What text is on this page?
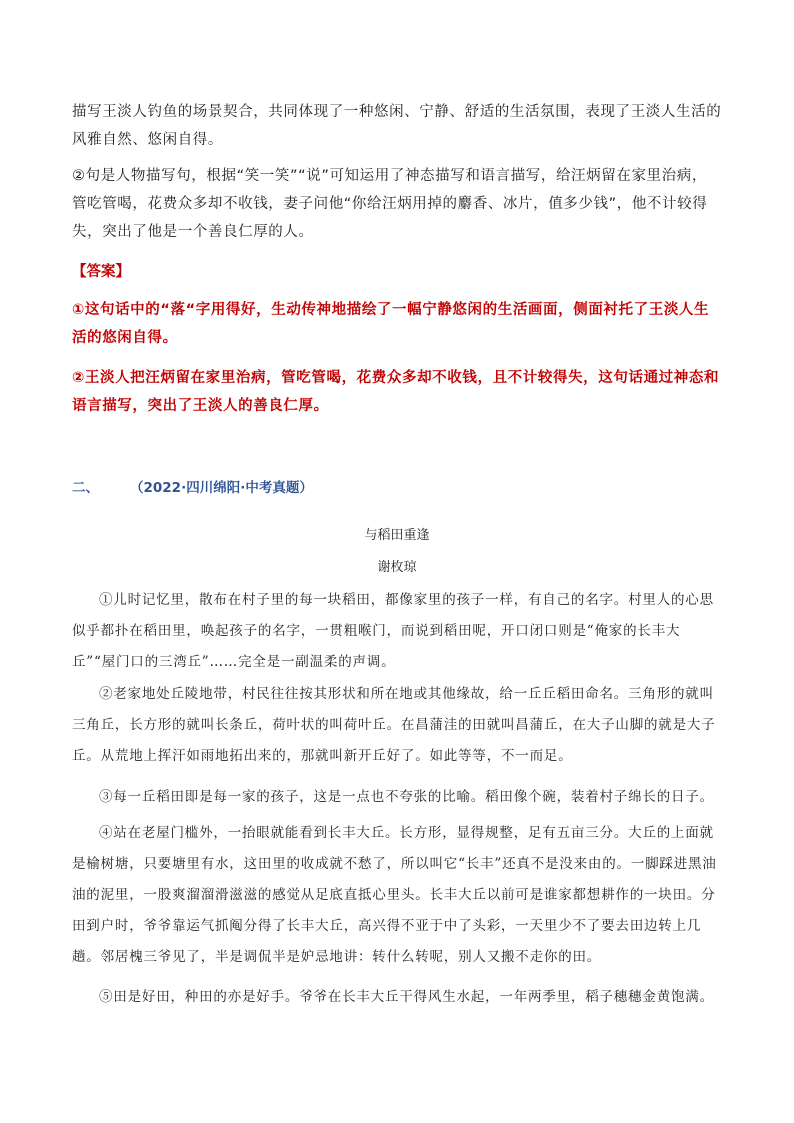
描写王淡人钓鱼的场景契合，共同体现了一种悠闲、宁静、舒适的生活氛围，表现了王淡人生活的风雅自然、悠闲自得。

②句是人物描写句，根据“笑一笑”“说”可知运用了神态描写和语言描写，给汪炳留在家里治病，管吃管喝，花费众多却不收钱，妻子问他“你给汪炳用掉的麝香、冰片，值多少钱”，他不计较得失，突出了他是一个善良仁厚的人。

【答案】

①这句话中的“落“字用得好，生动传神地描绘了一幅宁静悠闲的生活画面，侧面衬托了王淡人生活的悠闲自得。

②王淡人把汪炳留在家里治病，管吃管喝，花费众多却不收钱，且不计较得失，这句话通过神态和语言描写，突出了王淡人的善良仁厚。

二、 （2022·四川绵阳·中考真题）
与稻田重逢
谢枚琼

①儿时记忆里，散布在村子里的每一块稻田，都像家里的孩子一样，有自己的名字。村里人的心思似乎都扑在稻田里，唤起孩子的名字，一贯粗喉门，而说到稻田呢，开口闭口则是“俺家的长丰大丘”“屋门口的三湾丘”……完全是一副温柔的声调。

②老家地处丘陵地带，村民往往按其形状和所在地或其他缘故，给一丘丘稻田命名。三角形的就叫三角丘，长方形的就叫长条丘，荷叶状的叫荷叶丘。在昌蒲洼的田就叫昌蒲丘，在大子山脚的就是大子丘。从荒地上挥汗如雨地拓出来的，那就叫新开丘好了。如此等等，不一而足。

③每一丘稻田即是每一家的孩子，这是一点也不夸张的比喻。稻田像个碗，装着村子绵长的日子。

④站在老屋门槛外，一抬眼就能看到长丰大丘。长方形，显得规整，足有五亩三分。大丘的上面就是榆树塘，只要塘里有水，这田里的收成就不愁了，所以叫它“长丰”还真不是没来由的。一脚踩进黑油油的泥里，一股爽溜溜滑滋滋的感觉从足底直抵心里头。长丰大丘以前可是谁家都想耕作的一块田。分田到户时，爷爷靠运气抓阄分得了长丰大丘，高兴得不亚于中了头彩，一天里少不了要去田边转上几趟。邻居槐三爷见了，半是调侃半是妒忌地讲：转什么转呢，别人又搬不走你的田。

⑤田是好田，种田的亦是好手。爷爷在长丰大丘干得风生水起，一年两季里，稻子穗穗金黄饱满。
